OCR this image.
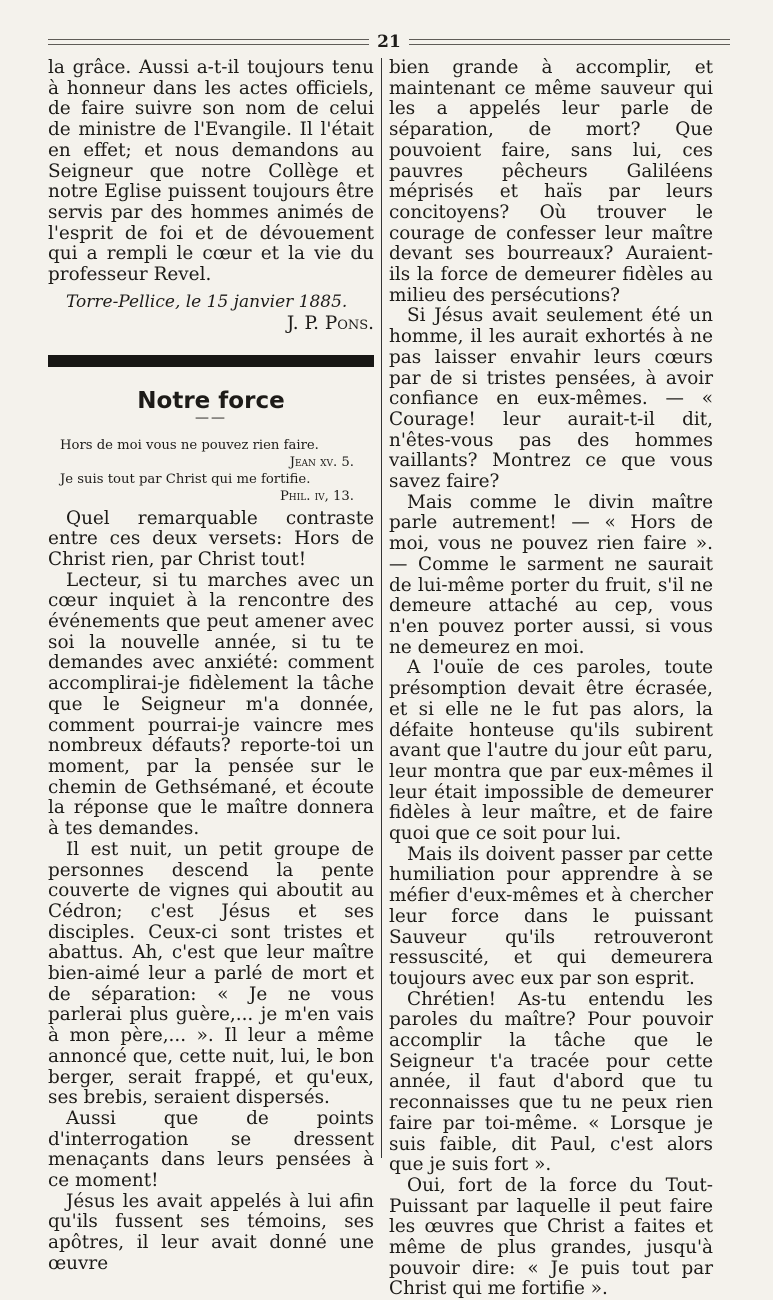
21

la grâce. Aussi a-t-il toujours tenu à honneur dans les actes officiels, de faire suivre son nom de celui de ministre de l'Evangile. Il l'était en effet; et nous demandons au Seigneur que notre Collège et notre Eglise puissent toujours être servis par des hommes animés de l'esprit de foi et de dévouement qui a rempli le cœur et la vie du professeur Revel.

Torre-Pellice, le 15 janvier 1885.

J. P. Pons.

Notre force
——
Hors de moi vous ne pouvez rien faire.
Jean xv. 5.
Je suis tout par Christ qui me fortifie.
Phil. iv, 13.

Quel remarquable contraste entre ces deux versets: Hors de Christ rien, par Christ tout!

Lecteur, si tu marches avec un cœur inquiet à la rencontre des événements que peut amener avec soi la nouvelle année, si tu te demandes avec anxiété: comment accomplirai-je fidèlement la tâche que le Seigneur m'a donnée, comment pourrai-je vaincre mes nombreux défauts? reporte-toi un moment, par la pensée sur le chemin de Gethsémané, et écoute la réponse que le maître donnera à tes demandes.

Il est nuit, un petit groupe de personnes descend la pente couverte de vignes qui aboutit au Cédron; c'est Jésus et ses disciples. Ceux-ci sont tristes et abattus. Ah, c'est que leur maître bien-aimé leur a parlé de mort et de séparation: « Je ne vous parlerai plus guère,... je m'en vais à mon père,... ». Il leur a même annoncé que, cette nuit, lui, le bon berger, serait frappé, et qu'eux, ses brebis, seraient dispersés.

Aussi que de points d'interrogation se dressent menaçants dans leurs pensées à ce moment!

Jésus les avait appelés à lui afin qu'ils fussent ses témoins, ses apôtres, il leur avait donné une œuvre

bien grande à accomplir, et maintenant ce même sauveur qui les a appelés leur parle de séparation, de mort? Que pouvoient faire, sans lui, ces pauvres pêcheurs Galiléens méprisés et haïs par leurs concitoyens? Où trouver le courage de confesser leur maître devant ses bourreaux? Auraient-ils la force de demeurer fidèles au milieu des persécutions?

Si Jésus avait seulement été un homme, il les aurait exhortés à ne pas laisser envahir leurs cœurs par de si tristes pensées, à avoir confiance en eux-mêmes. — « Courage! leur aurait-t-il dit, n'êtes-vous pas des hommes vaillants? Montrez ce que vous savez faire?

Mais comme le divin maître parle autrement! — « Hors de moi, vous ne pouvez rien faire ». — Comme le sarment ne saurait de lui-même porter du fruit, s'il ne demeure attaché au cep, vous n'en pouvez porter aussi, si vous ne demeurez en moi.

A l'ouïe de ces paroles, toute présomption devait être écrasée, et si elle ne le fut pas alors, la défaite honteuse qu'ils subirent avant que l'autre du jour eût paru, leur montra que par eux-mêmes il leur était impossible de demeurer fidèles à leur maître, et de faire quoi que ce soit pour lui.

Mais ils doivent passer par cette humiliation pour apprendre à se méfier d'eux-mêmes et à chercher leur force dans le puissant Sauveur qu'ils retrouveront ressuscité, et qui demeurera toujours avec eux par son esprit.

Chrétien! As-tu entendu les paroles du maître? Pour pouvoir accomplir la tâche que le Seigneur t'a tracée pour cette année, il faut d'abord que tu reconnaisses que tu ne peux rien faire par toi-même. « Lorsque je suis faible, dit Paul, c'est alors que je suis fort ».

Oui, fort de la force du Tout-Puissant par laquelle il peut faire les œuvres que Christ a faites et même de plus grandes, jusqu'à pouvoir dire: « Je puis tout par Christ qui me fortifie ».
